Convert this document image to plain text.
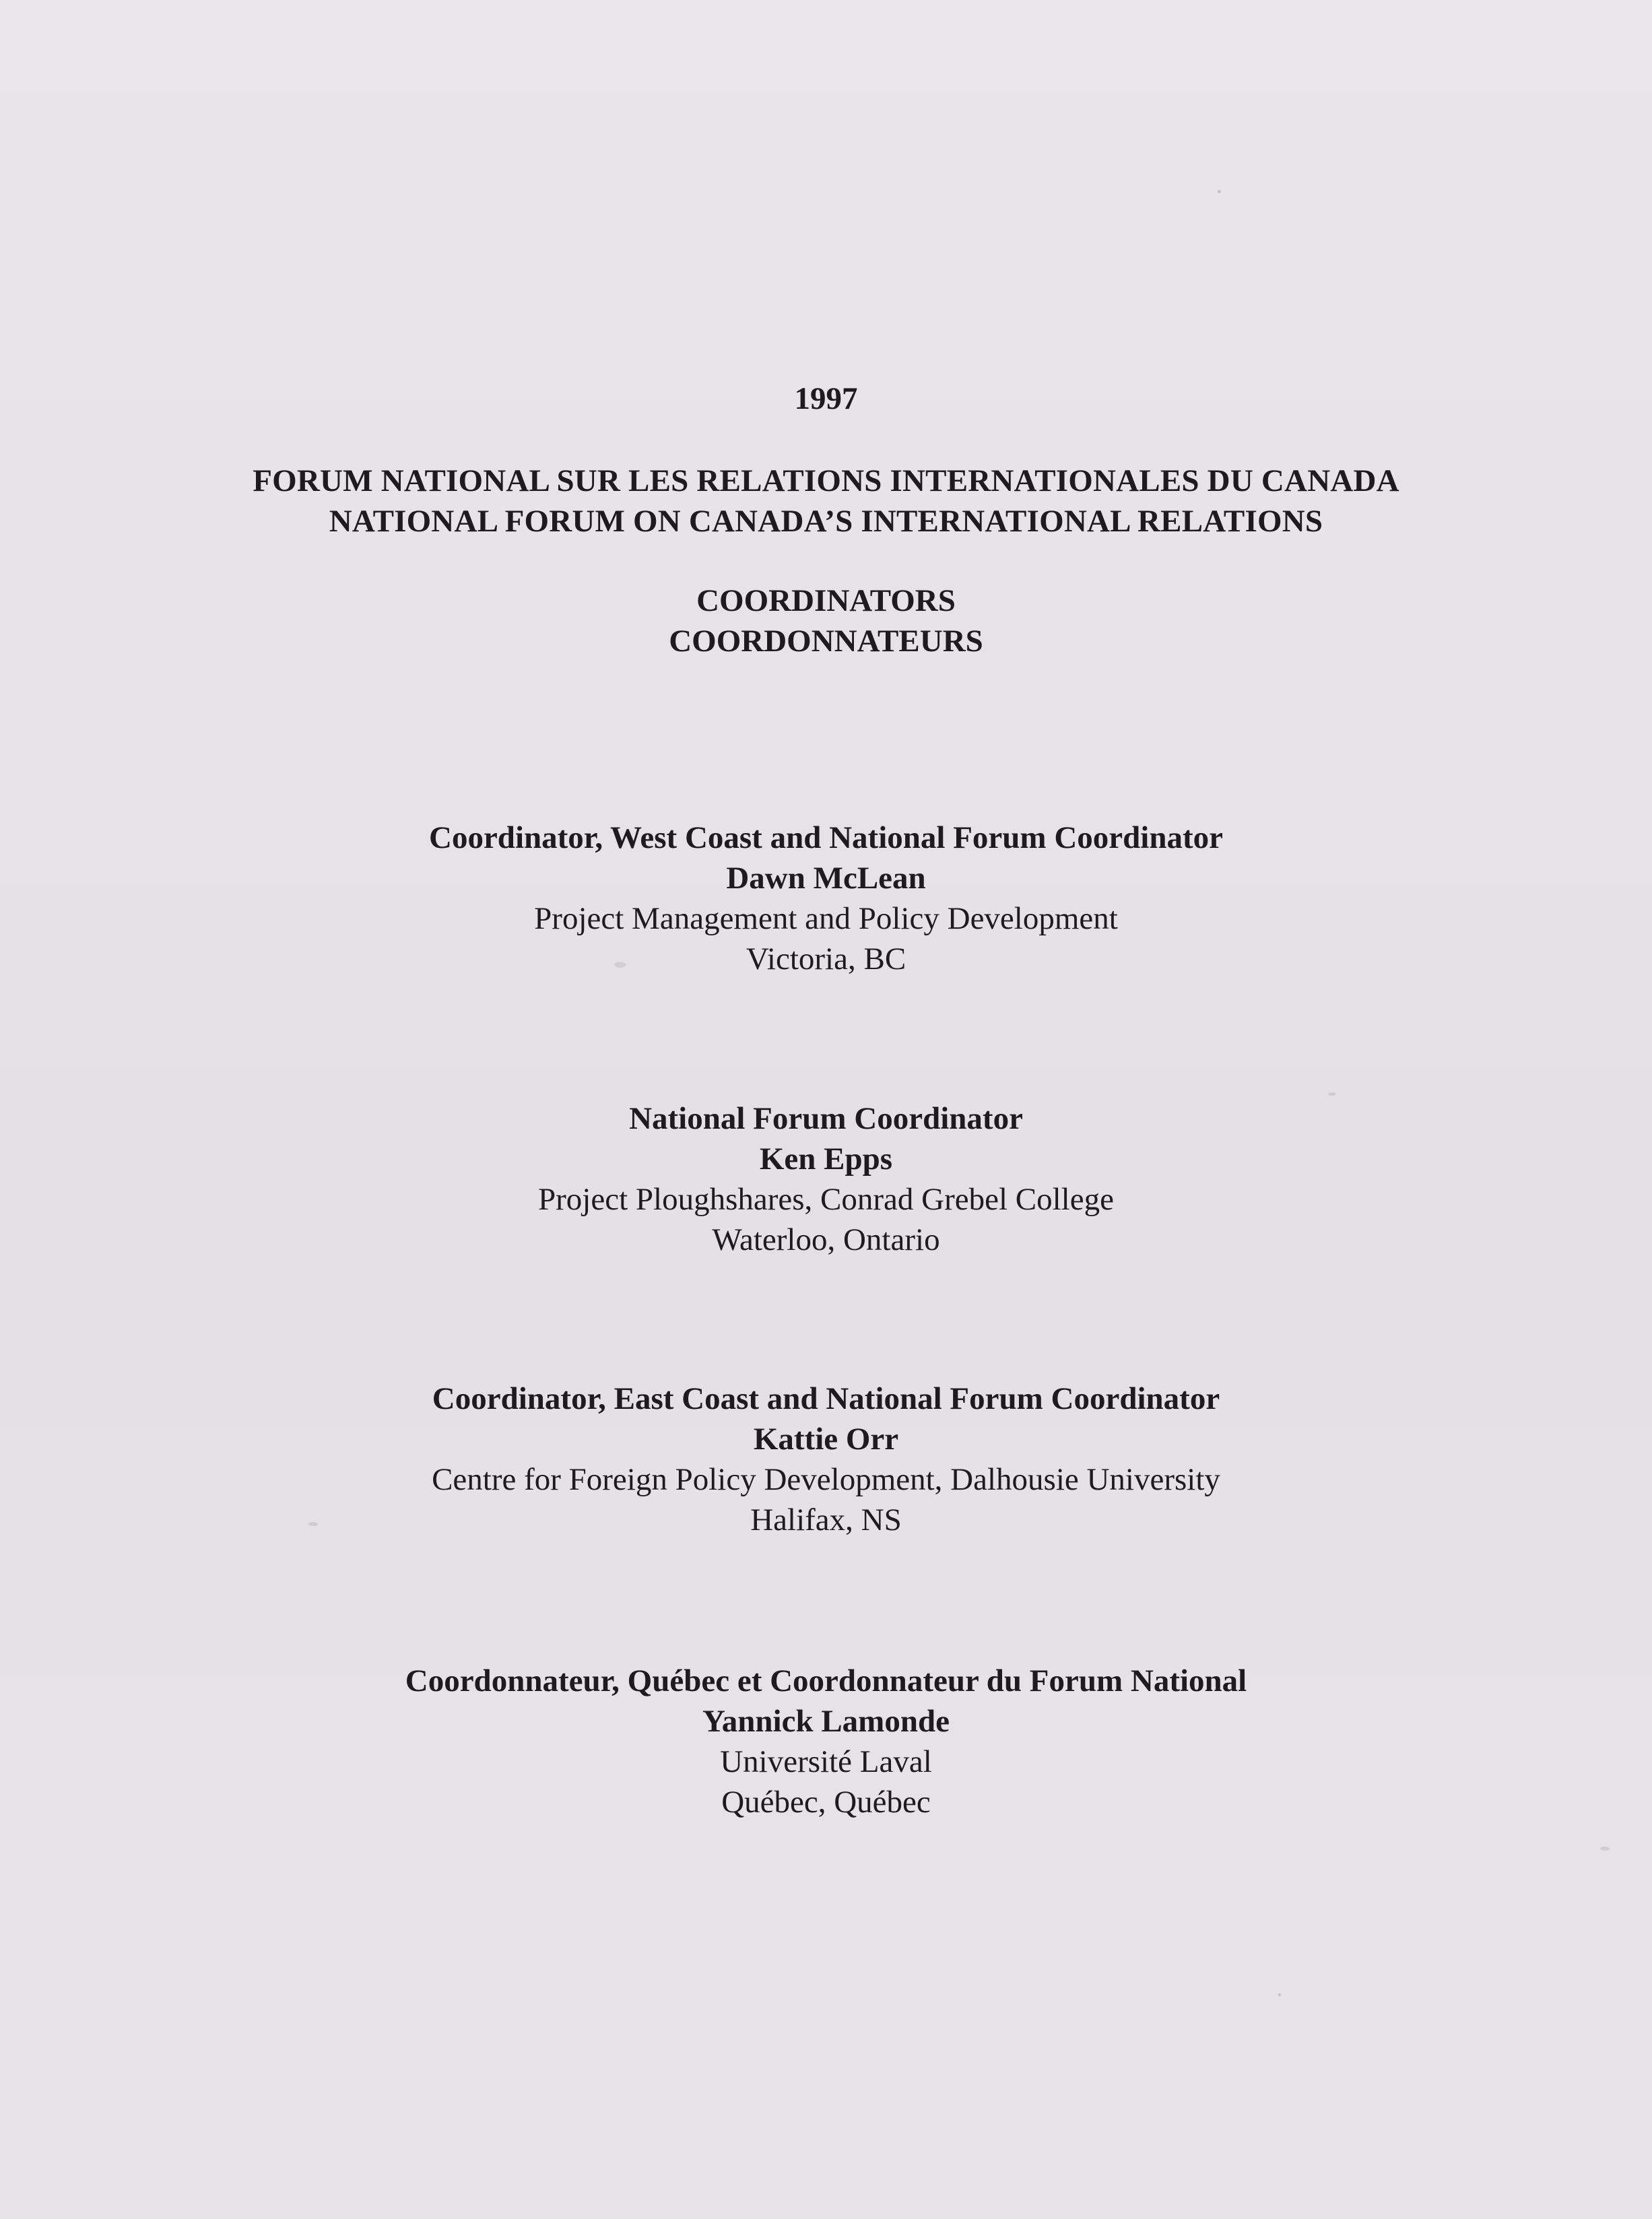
1997
FORUM NATIONAL SUR LES RELATIONS INTERNATIONALES DU CANADA
NATIONAL FORUM ON CANADA’S INTERNATIONAL RELATIONS
COORDINATORS
COORDONNATEURS
Coordinator, West Coast and National Forum Coordinator
Dawn McLean
Project Management and Policy Development
Victoria, BC
National Forum Coordinator
Ken Epps
Project Ploughshares, Conrad Grebel College
Waterloo, Ontario
Coordinator, East Coast and National Forum Coordinator
Kattie Orr
Centre for Foreign Policy Development, Dalhousie University
Halifax, NS
Coordonnateur, Québec et Coordonnateur du Forum National
Yannick Lamonde
Université Laval
Québec, Québec
